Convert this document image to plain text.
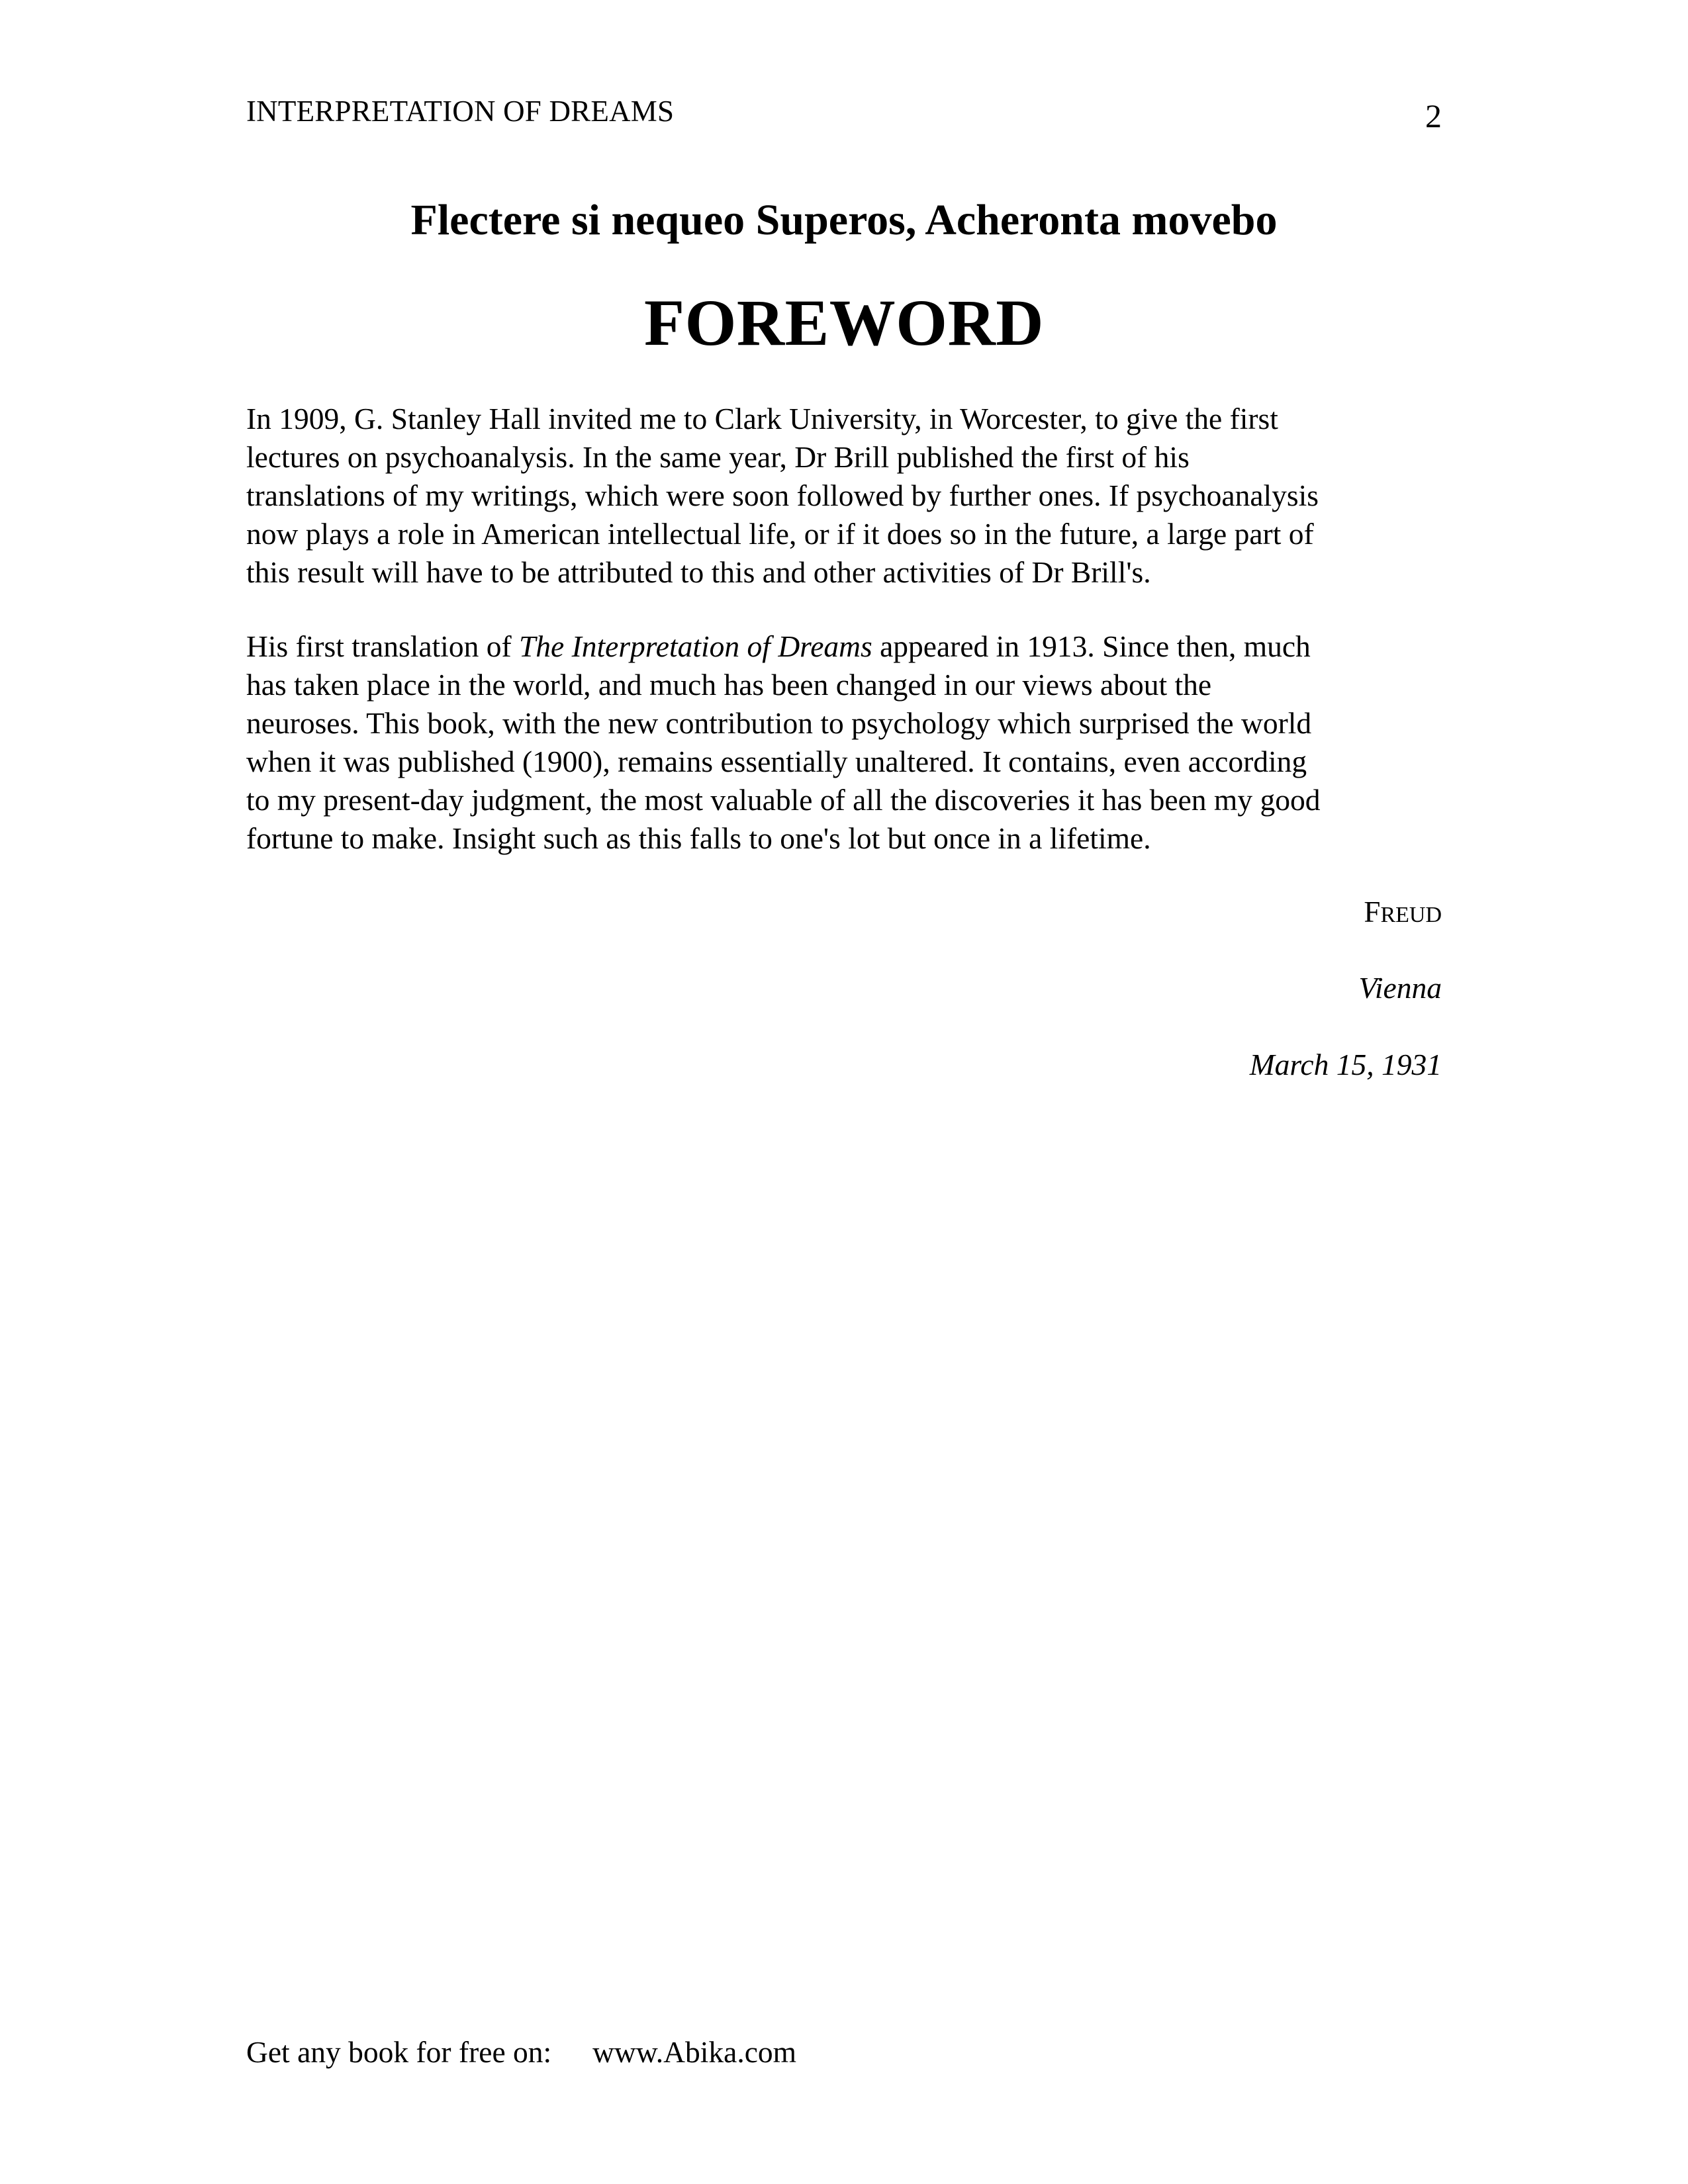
INTERPRETATION OF DREAMS	2
Flectere si nequeo Superos, Acheronta movebo
FOREWORD

In 1909, G. Stanley Hall invited me to Clark University, in Worcester, to give the first
lectures on psychoanalysis. In the same year, Dr Brill published the first of his
translations of my writings, which were soon followed by further ones. If psychoanalysis
now plays a role in American intellectual life, or if it does so in the future, a large part of
this result will have to be attributed to this and other activities of Dr Brill's.

His first translation of The Interpretation of Dreams appeared in 1913. Since then, much
has taken place in the world, and much has been changed in our views about the
neuroses. This book, with the new contribution to psychology which surprised the world
when it was published (1900), remains essentially unaltered. It contains, even according
to my present-day judgment, the most valuable of all the discoveries it has been my good
fortune to make. Insight such as this falls to one's lot but once in a lifetime.

FREUD
Vienna
March 15, 1931
Get any book for free on: www.Abika.com
